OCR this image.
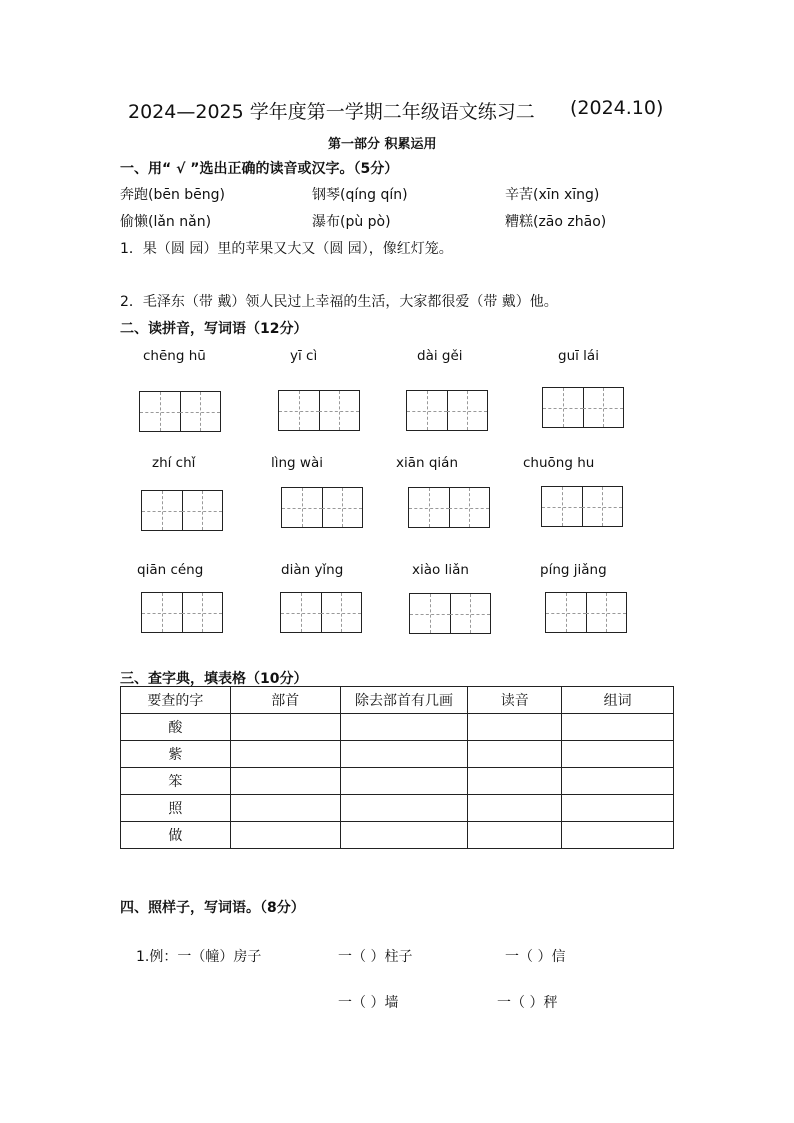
2024—2025 学年度第一学期二年级语文练习二 (2024.10)
第一部分 积累运用
一、用“ √ ”选出正确的读音或汉字。（5分）
奔跑(bēn bēng)	钢琴(qíng qín)	辛苦(xīn xīng)
偷懒(lǎn nǎn)	瀑布(pù pò)	糟糕(zāo zhāo)
1．果（圆 园）里的苹果又大又（圆 园），像红灯笼。
2．毛泽东（带 戴）领人民过上幸福的生活，大家都很爱（带 戴）他。
二、读拼音，写词语（12分）
chēng hū	yī cì	dài gěi	guī lái
zhí chǐ	lìng wài	xiān qián	chuōng hu
qiān céng	diàn yǐng	xiào liǎn	píng jiǎng
三、查字典，填表格（10分）
要查的字	部首	除去部首有几画	读音	组词
酸				
紫				
笨				
照				
做				
四、照样子，写词语。（8分）
1.例：一（幢）房子	一（ ）柱子	一（ ）信
一（ ）墙	一（ ）秤
